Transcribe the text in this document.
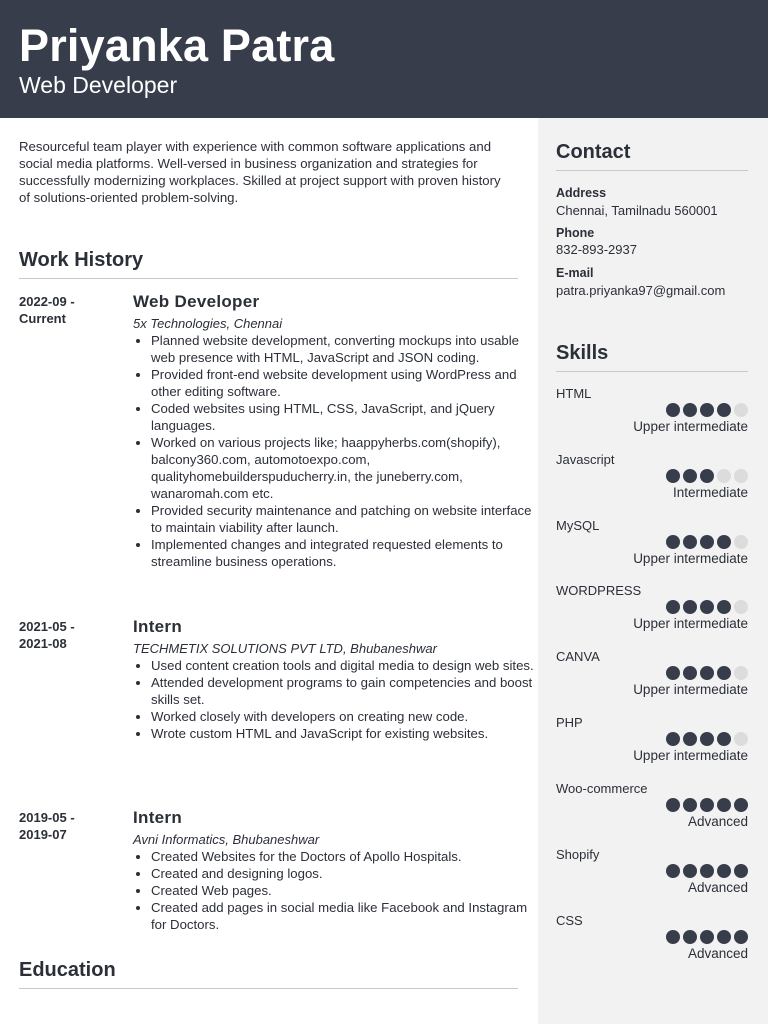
Priyanka Patra
Web Developer

Resourceful team player with experience with common software applications and social media platforms. Well-versed in business organization and strategies for successfully modernizing workplaces. Skilled at project support with proven history of solutions-oriented problem-solving.

Work History
2022-09 -
Current
Web Developer
5x Technologies, Chennai
• Planned website development, converting mockups into usable web presence with HTML, JavaScript and JSON coding.
• Provided front-end website development using WordPress and other editing software.
• Coded websites using HTML, CSS, JavaScript, and jQuery languages.
• Worked on various projects like; haappyherbs.com(shopify), balcony360.com, automotoexpo.com, qualityhomebuilderspuducherry.in, the juneberry.com, wanaromah.com etc.
• Provided security maintenance and patching on website interface to maintain viability after launch.
• Implemented changes and integrated requested elements to streamline business operations.
2021-05 -
2021-08
Intern
TECHMETIX SOLUTIONS PVT LTD, Bhubaneshwar
• Used content creation tools and digital media to design web sites.
• Attended development programs to gain competencies and boost skills set.
• Worked closely with developers on creating new code.
• Wrote custom HTML and JavaScript for existing websites.
2019-05 -
2019-07
Intern
Avni Informatics, Bhubaneshwar
• Created Websites for the Doctors of Apollo Hospitals.
• Created and designing logos.
• Created Web pages.
• Created add pages in social media like Facebook and Instagram for Doctors.
Education
Contact
Address
Chennai, Tamilnadu 560001
Phone
832-893-2937
E-mail
patra.priyanka97@gmail.com
Skills
HTML
Upper intermediate
Javascript
Intermediate
MySQL
Upper intermediate
WORDPRESS
Upper intermediate
CANVA
Upper intermediate
PHP
Upper intermediate
Woo-commerce
Advanced
Shopify
Advanced
CSS
Advanced
